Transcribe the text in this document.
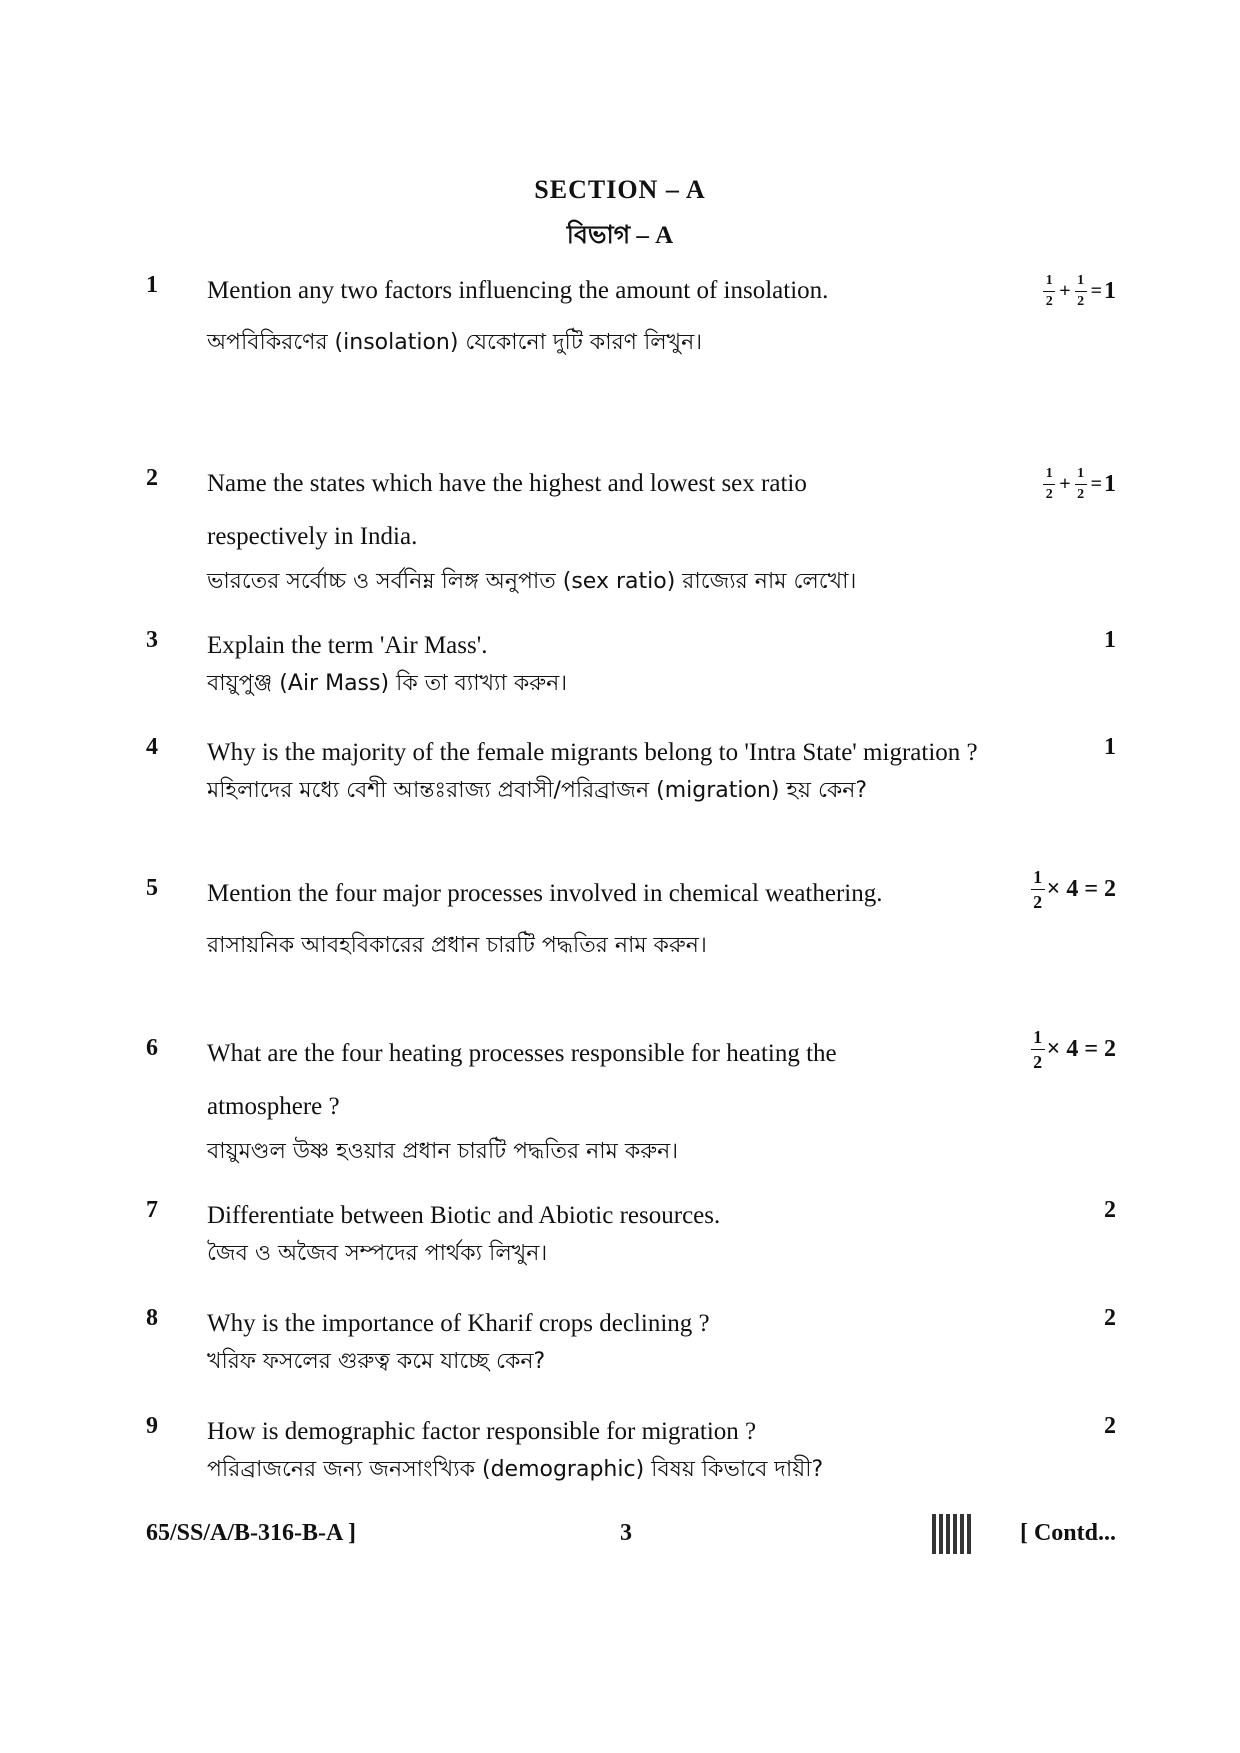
SECTION – A
বিভাগ – A
1 Mention any two factors influencing the amount of insolation.
অপবিকিরণের (insolation) যেকোনো দুটি কারণ লিখুন।
$\frac{1}{2} + \frac{1}{2} = 1$
2 Name the states which have the highest and lowest sex ratio respectively in India.
ভারতের সর্বোচ্চ ও সর্বনিম্ন লিঙ্গ অনুপাত (sex ratio) রাজ্যের নাম লেখো।
$\frac{1}{2} + \frac{1}{2} = 1$
3 Explain the term 'Air Mass'.
বায়ুপুঞ্জ (Air Mass) কি তা ব্যাখ্যা করুন।
1
4 Why is the majority of the female migrants belong to 'Intra State' migration ?
মহিলাদের মধ্যে বেশী আন্তঃরাজ্য প্রবাসী/পরিব্রাজন (migration) হয় কেন?
1
5 Mention the four major processes involved in chemical weathering.
রাসায়নিক আবহবিকারের প্রধান চারটি পদ্ধতির নাম করুন।
$\frac{1}{2} \times 4 = 2$
6 What are the four heating processes responsible for heating the atmosphere ?
বায়ুমণ্ডল উষ্ণ হওয়ার প্রধান চারটি পদ্ধতির নাম করুন।
$\frac{1}{2} \times 4 = 2$
7 Differentiate between Biotic and Abiotic resources.
জৈব ও অজৈব সম্পদের পার্থক্য লিখুন।
2
8 Why is the importance of Kharif crops declining ?
খরিফ ফসলের গুরুত্ব কমে যাচ্ছে কেন?
2
9 How is demographic factor responsible for migration ?
পরিব্রাজনের জন্য জনসাংখ্যিক (demographic) বিষয় কিভাবে দায়ী?
2
65/SS/A/B-316-B-A ]	3	[ Contd...
